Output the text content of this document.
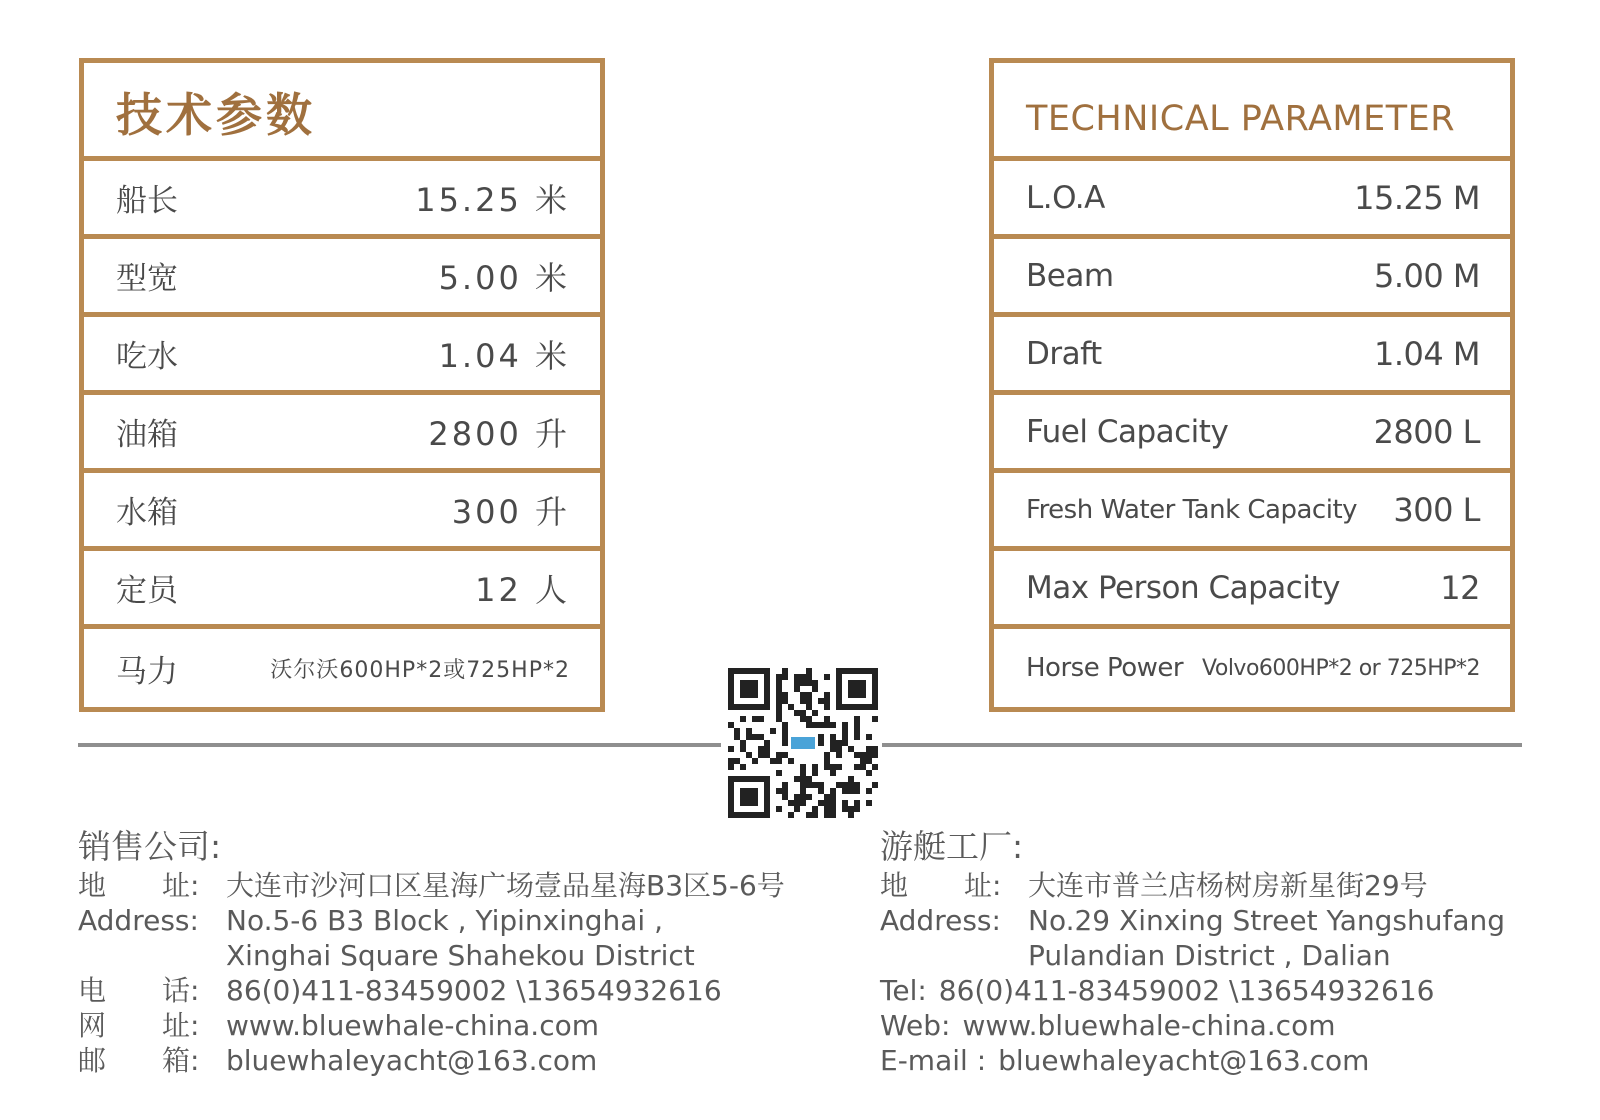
技术参数
船长	15.25 米
型宽	5.00 米
吃水	1.04 米
油箱	2800 升
水箱	300 升
定员	12 人
马力	沃尔沃600HP*2或725HP*2
TECHNICAL PARAMETER
L.O.A	15.25 M
Beam	5.00 M
Draft	1.04 M
Fuel Capacity	2800 L
Fresh Water Tank Capacity 300 L
Max Person Capacity	12
Horse Power Volvo600HP*2 or 725HP*2
销售公司:
地　　址: 大连市沙河口区星海广场壹品星海B3区5-6号
Address: No.5-6 B3 Block , Yipinxinghai ,
Xinghai Square Shahekou District
电　　话: 86(0)411-83459002 \13654932616
网　　址: www.bluewhale-china.com
邮　　箱: bluewhaleyacht@163.com
游艇工厂:
地　　址: 大连市普兰店杨树房新星街29号
Address: No.29 Xinxing Street Yangshufang
Pulandian District , Dalian
Tel: 86(0)411-83459002 \13654932616
Web: www.bluewhale-china.com
E-mail : bluewhaleyacht@163.com
